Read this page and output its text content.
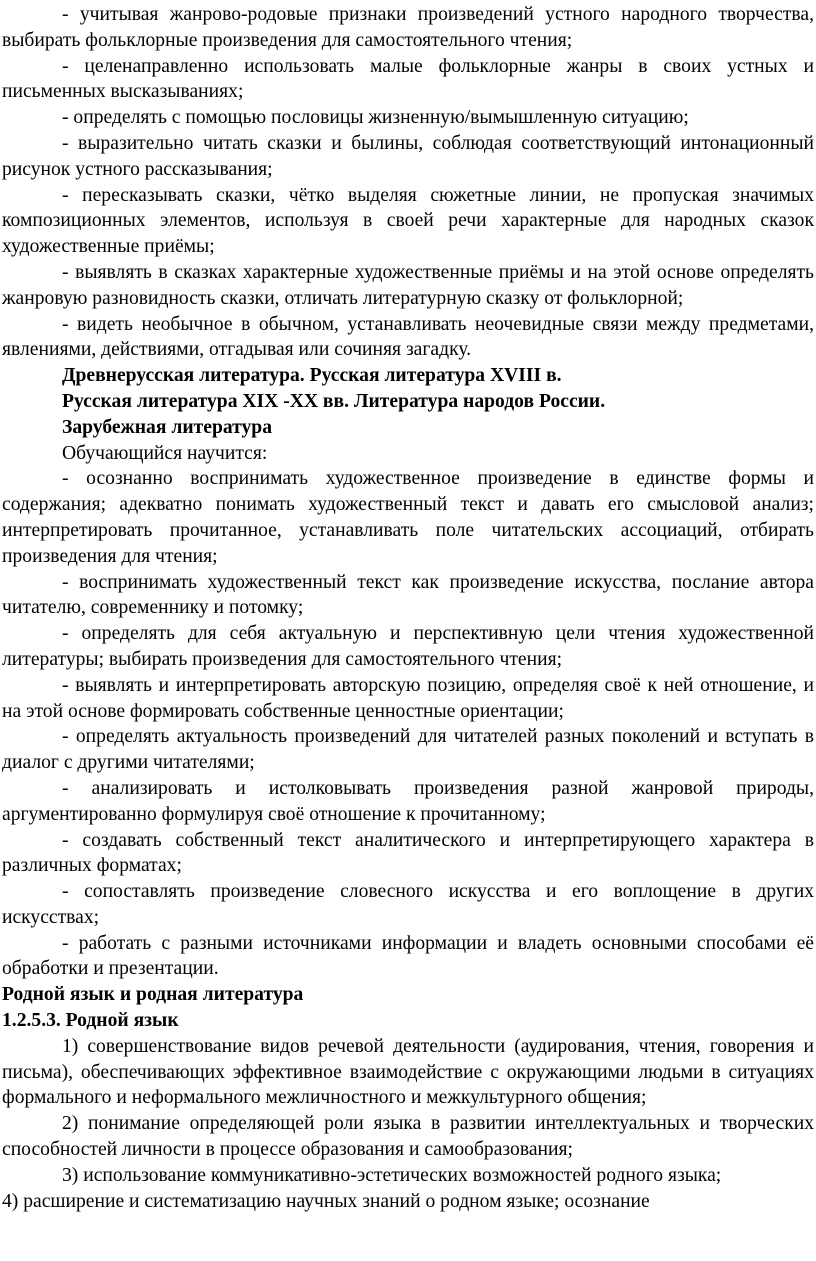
- учитывая жанрово-родовые признаки произведений устного народного творчества, выбирать фольклорные произведения для самостоятельного чтения;

- целенаправленно использовать малые фольклорные жанры в своих устных и письменных высказываниях;

- определять с помощью пословицы жизненную/вымышленную ситуацию;

- выразительно читать сказки и былины, соблюдая соответствующий интонационный рисунок устного рассказывания;

- пересказывать сказки, чётко выделяя сюжетные линии, не пропуская значимых композиционных элементов, используя в своей речи характерные для народных сказок художественные приёмы;

- выявлять в сказках характерные художественные приёмы и на этой основе определять жанровую разновидность сказки, отличать литературную сказку от фольклорной;

- видеть необычное в обычном, устанавливать неочевидные связи между предметами, явлениями, действиями, отгадывая или сочиняя загадку.

Древнерусская литература. Русская литература XVIII в.

Русская литература XIX -XX вв. Литература народов России.

Зарубежная литература

Обучающийся научится:

- осознанно воспринимать художественное произведение в единстве формы и содержания; адекватно понимать художественный текст и давать его смысловой анализ; интерпретировать прочитанное, устанавливать поле читательских ассоциаций, отбирать произведения для чтения;

- воспринимать художественный текст как произведение искусства, послание автора читателю, современнику и потомку;

- определять для себя актуальную и перспективную цели чтения художественной литературы; выбирать произведения для самостоятельного чтения;

- выявлять и интерпретировать авторскую позицию, определяя своё к ней отношение, и на этой основе формировать собственные ценностные ориентации;

- определять актуальность произведений для читателей разных поколений и вступать в диалог с другими читателями;

- анализировать и истолковывать произведения разной жанровой природы, аргументированно формулируя своё отношение к прочитанному;

- создавать собственный текст аналитического и интерпретирующего характера в различных форматах;

- сопоставлять произведение словесного искусства и его воплощение в других искусствах;

- работать с разными источниками информации и владеть основными способами её обработки и презентации.

Родной язык и родная литература

1.2.5.3. Родной язык

1) совершенствование видов речевой деятельности (аудирования, чтения, говорения и письма), обеспечивающих эффективное взаимодействие с окружающими людьми в ситуациях формального и неформального межличностного и межкультурного общения;

2) понимание определяющей роли языка в развитии интеллектуальных и творческих способностей личности в процессе образования и самообразования;

3) использование коммуникативно-эстетических возможностей родного языка;

4) расширение и систематизацию научных знаний о родном языке; осознание
